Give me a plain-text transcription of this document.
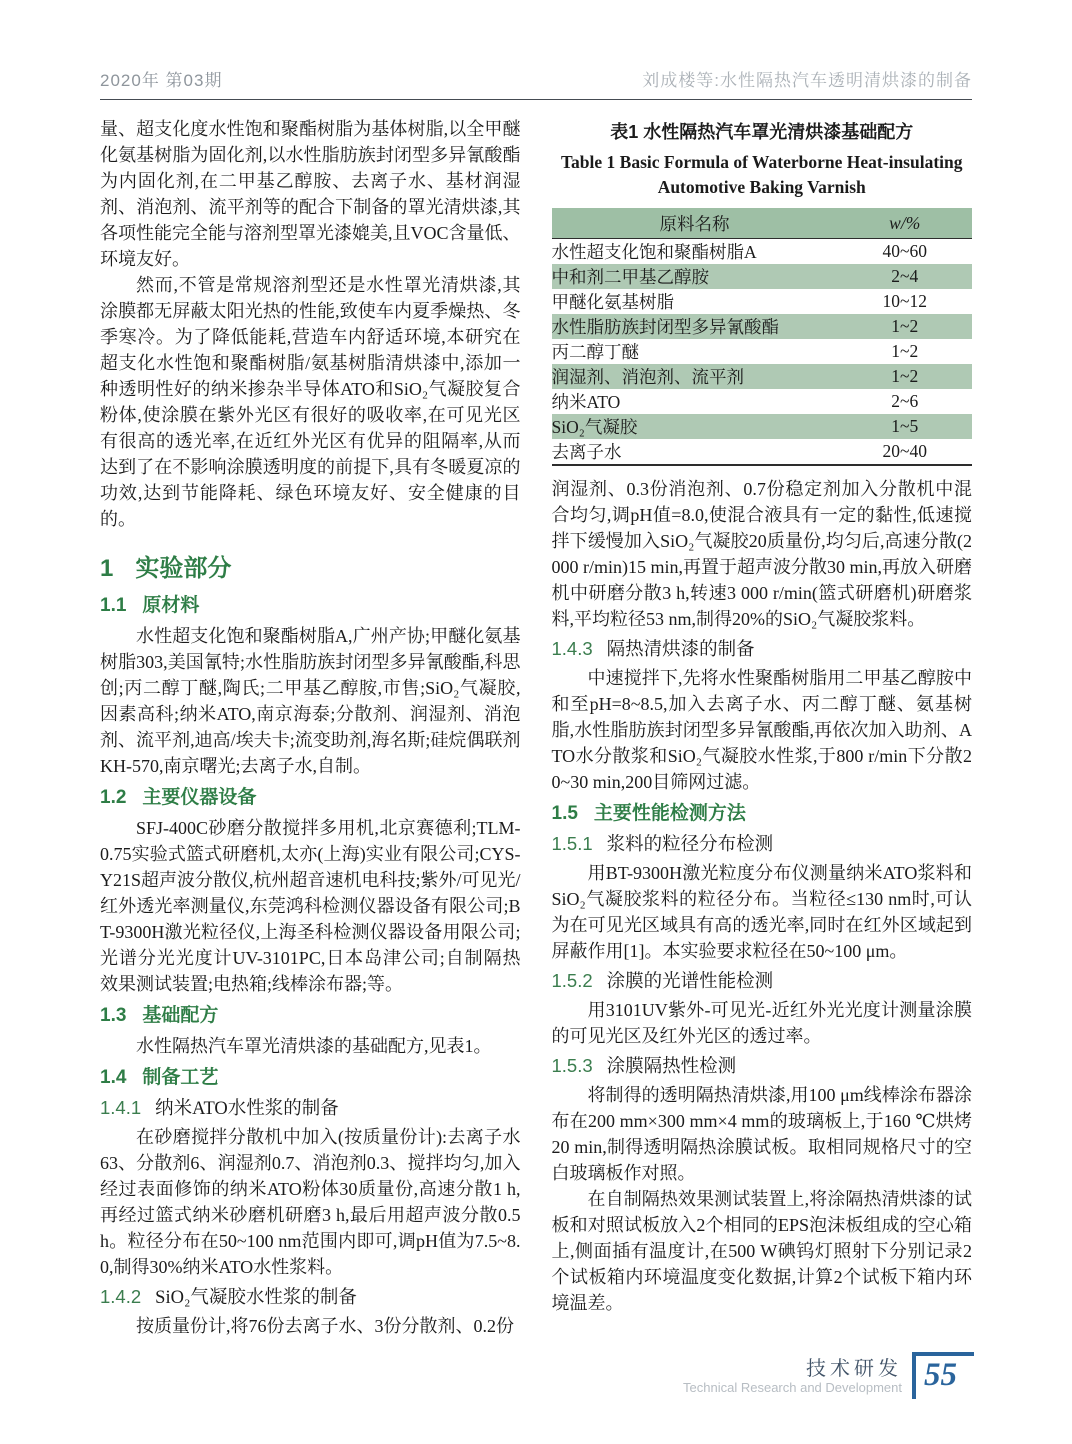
2020年 第03期	刘成楼等:水性隔热汽车透明清烘漆的制备

量、超支化度水性饱和聚酯树脂为基体树脂,以全甲醚化氨基树脂为固化剂,以水性脂肪族封闭型多异氰酸酯为内固化剂,在二甲基乙醇胺、去离子水、基材润湿剂、消泡剂、流平剂等的配合下制备的罩光清烘漆,其各项性能完全能与溶剂型罩光漆媲美,且VOC含量低、环境友好。

然而,不管是常规溶剂型还是水性罩光清烘漆,其涂膜都无屏蔽太阳光热的性能,致使车内夏季燥热、冬季寒冷。为了降低能耗,营造车内舒适环境,本研究在超支化水性饱和聚酯树脂/氨基树脂清烘漆中,添加一种透明性好的纳米掺杂半导体ATO和SiO₂气凝胶复合粉体,使涂膜在紫外光区有很好的吸收率,在可见光区有很高的透光率,在近红外光区有优异的阻隔率,从而达到了在不影响涂膜透明度的前提下,具有冬暖夏凉的功效,达到节能降耗、绿色环境友好、安全健康的目的。

1 实验部分
1.1 原材料

水性超支化饱和聚酯树脂A,广州产协;甲醚化氨基树脂303,美国氰特;水性脂肪族封闭型多异氰酸酯,科思创;丙二醇丁醚,陶氏;二甲基乙醇胺,市售;SiO₂气凝胶,因素高科;纳米ATO,南京海泰;分散剂、润湿剂、消泡剂、流平剂,迪高/埃夫卡;流变助剂,海名斯;硅烷偶联剂KH-570,南京曙光;去离子水,自制。

1.2 主要仪器设备

SFJ-400C砂磨分散搅拌多用机,北京赛德利;TLM-0.75实验式篮式研磨机,太亦(上海)实业有限公司;CYS-Y21S超声波分散仪,杭州超音速机电科技;紫外/可见光/红外透光率测量仪,东莞鸿科检测仪器设备有限公司;BT-9300H激光粒径仪,上海圣科检测仪器设备用限公司;光谱分光光度计UV-3101PC,日本岛津公司;自制隔热效果测试装置;电热箱;线棒涂布器;等。

1.3 基础配方

水性隔热汽车罩光清烘漆的基础配方,见表1。

1.4 制备工艺
1.4.1 纳米ATO水性浆的制备

在砂磨搅拌分散机中加入(按质量份计):去离子水63、分散剂6、润湿剂0.7、消泡剂0.3、搅拌均匀,加入经过表面修饰的纳米ATO粉体30质量份,高速分散1 h,再经过篮式纳米砂磨机研磨3 h,最后用超声波分散0.5 h。粒径分布在50~100 nm范围内即可,调pH值为7.5~8.0,制得30%纳米ATO水性浆料。

1.4.2 SiO₂气凝胶水性浆的制备

按质量份计,将76份去离子水、3份分散剂、0.2份

表1 水性隔热汽车罩光清烘漆基础配方
Table 1 Basic Formula of Waterborne Heat-insulating
Automotive Baking Varnish
原料名称	w/%
水性超支化饱和聚酯树脂A	40~60
中和剂二甲基乙醇胺	2~4
甲醚化氨基树脂	10~12
水性脂肪族封闭型多异氰酸酯	1~2
丙二醇丁醚	1~2
润湿剂、消泡剂、流平剂	1~2
纳米ATO	2~6
SiO₂气凝胶	1~5
去离子水	20~40

润湿剂、0.3份消泡剂、0.7份稳定剂加入分散机中混合均匀,调pH值=8.0,使混合液具有一定的黏性,低速搅拌下缓慢加入SiO₂气凝胶20质量份,均匀后,高速分散(2 000 r/min)15 min,再置于超声波分散30 min,再放入研磨机中研磨分散3 h,转速3 000 r/min(篮式研磨机)研磨浆料,平均粒径53 nm,制得20%的SiO₂气凝胶浆料。

1.4.3 隔热清烘漆的制备

中速搅拌下,先将水性聚酯树脂用二甲基乙醇胺中和至pH=8~8.5,加入去离子水、丙二醇丁醚、氨基树脂,水性脂肪族封闭型多异氰酸酯,再依次加入助剂、ATO水分散浆和SiO₂气凝胶水性浆,于800 r/min下分散20~30 min,200目筛网过滤。

1.5 主要性能检测方法
1.5.1 浆料的粒径分布检测

用BT-9300H激光粒度分布仪测量纳米ATO浆料和SiO₂气凝胶浆料的粒径分布。当粒径≤130 nm时,可认为在可见光区域具有高的透光率,同时在红外区域起到屏蔽作用[1]。本实验要求粒径在50~100 μm。

1.5.2 涂膜的光谱性能检测

用3101UV紫外-可见光-近红外光光度计测量涂膜的可见光区及红外光区的透过率。

1.5.3 涂膜隔热性检测

将制得的透明隔热清烘漆,用100 μm线棒涂布器涂布在200 mm×300 mm×4 mm的玻璃板上,于160 ℃烘烤20 min,制得透明隔热涂膜试板。取相同规格尺寸的空白玻璃板作对照。

在自制隔热效果测试装置上,将涂隔热清烘漆的试板和对照试板放入2个相同的EPS泡沫板组成的空心箱上,侧面插有温度计,在500 W碘钨灯照射下分别记录2个试板箱内环境温度变化数据,计算2个试板下箱内环境温差。

技术研发
Technical Research and Development 55
